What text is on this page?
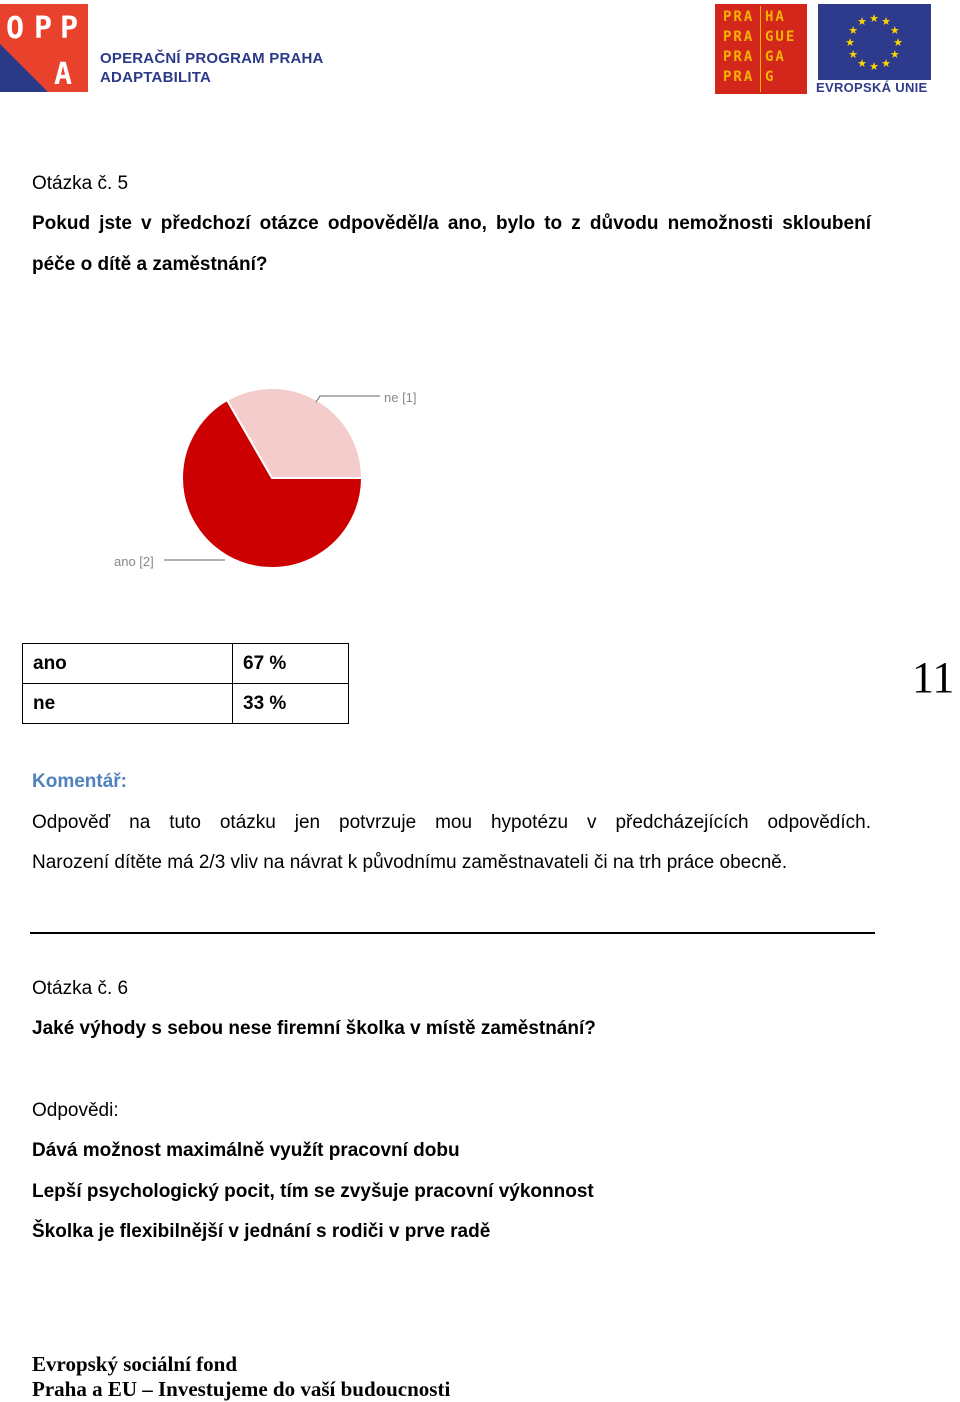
O P P
A OPERAČNÍ PROGRAM PRAHA
ADAPTABILITA
PRA HA
PRA GUE
PRA GA
PRA G
★ ★
★
★
★
★
★
★
★
★
★
★
EVROPSKÁ UNIE
Otázka č. 5
Pokud jste v předchozí otázce odpověděl/a ano, bylo to z důvodu nemožnosti skloubení
péče o dítě a zaměstnání?
ne [1]
ano [2]
ano	67 %
ne	33 %
11
Komentář:
Odpověď na tuto otázku jen potvrzuje mou hypotézu v předcházejících odpovědích.
Narození dítěte má 2/3 vliv na návrat k původnímu zaměstnavateli či na trh práce obecně.
Otázka č. 6
Jaké výhody s sebou nese firemní školka v místě zaměstnání?
Odpovědi:
Dává možnost maximálně využít pracovní dobu
Lepší psychologický pocit, tím se zvyšuje pracovní výkonnost
Školka je flexibilnější v jednání s rodiči v prve radě
Evropský sociální fond
Praha a EU – Investujeme do vaší budoucnosti
